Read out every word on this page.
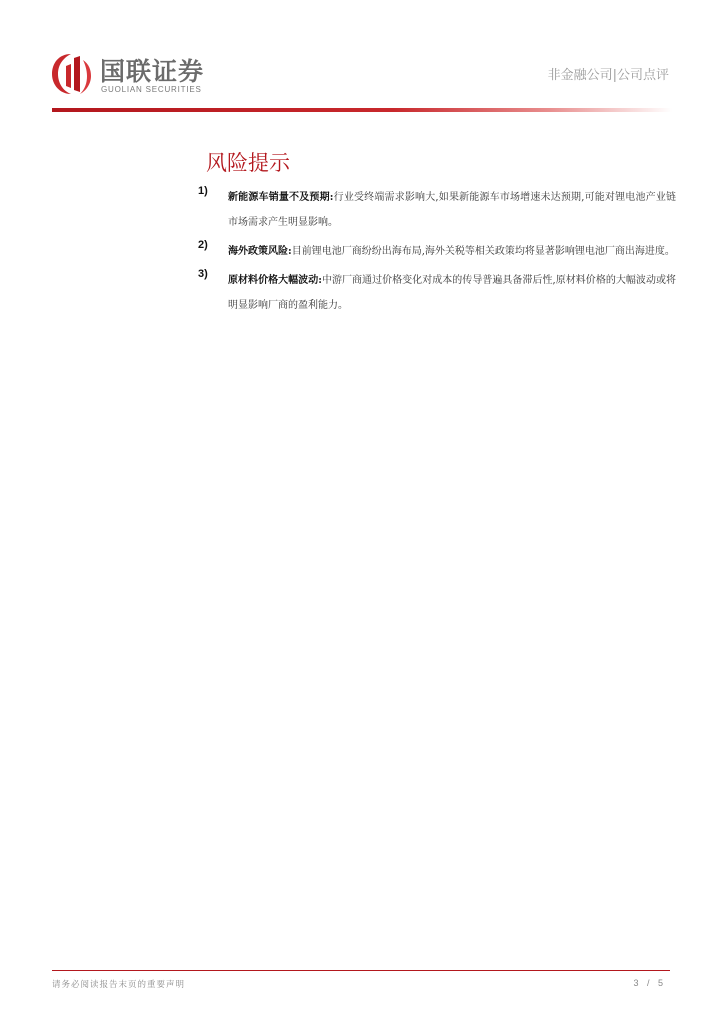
国联证券
GUOLIAN SECURITIES
非金融公司|公司点评
风险提示
1)

新能源车销量不及预期:行业受终端需求影响大,如果新能源车市场增速未达预期,可能对锂电池产业链市场需求产生明显影响。

2)

海外政策风险:目前锂电池厂商纷纷出海布局,海外关税等相关政策均将显著影响锂电池厂商出海进度。

3)

原材料价格大幅波动:中游厂商通过价格变化对成本的传导普遍具备滞后性,原材料价格的大幅波动或将明显影响厂商的盈利能力。

请务必阅读报告末页的重要声明	3 / 5
